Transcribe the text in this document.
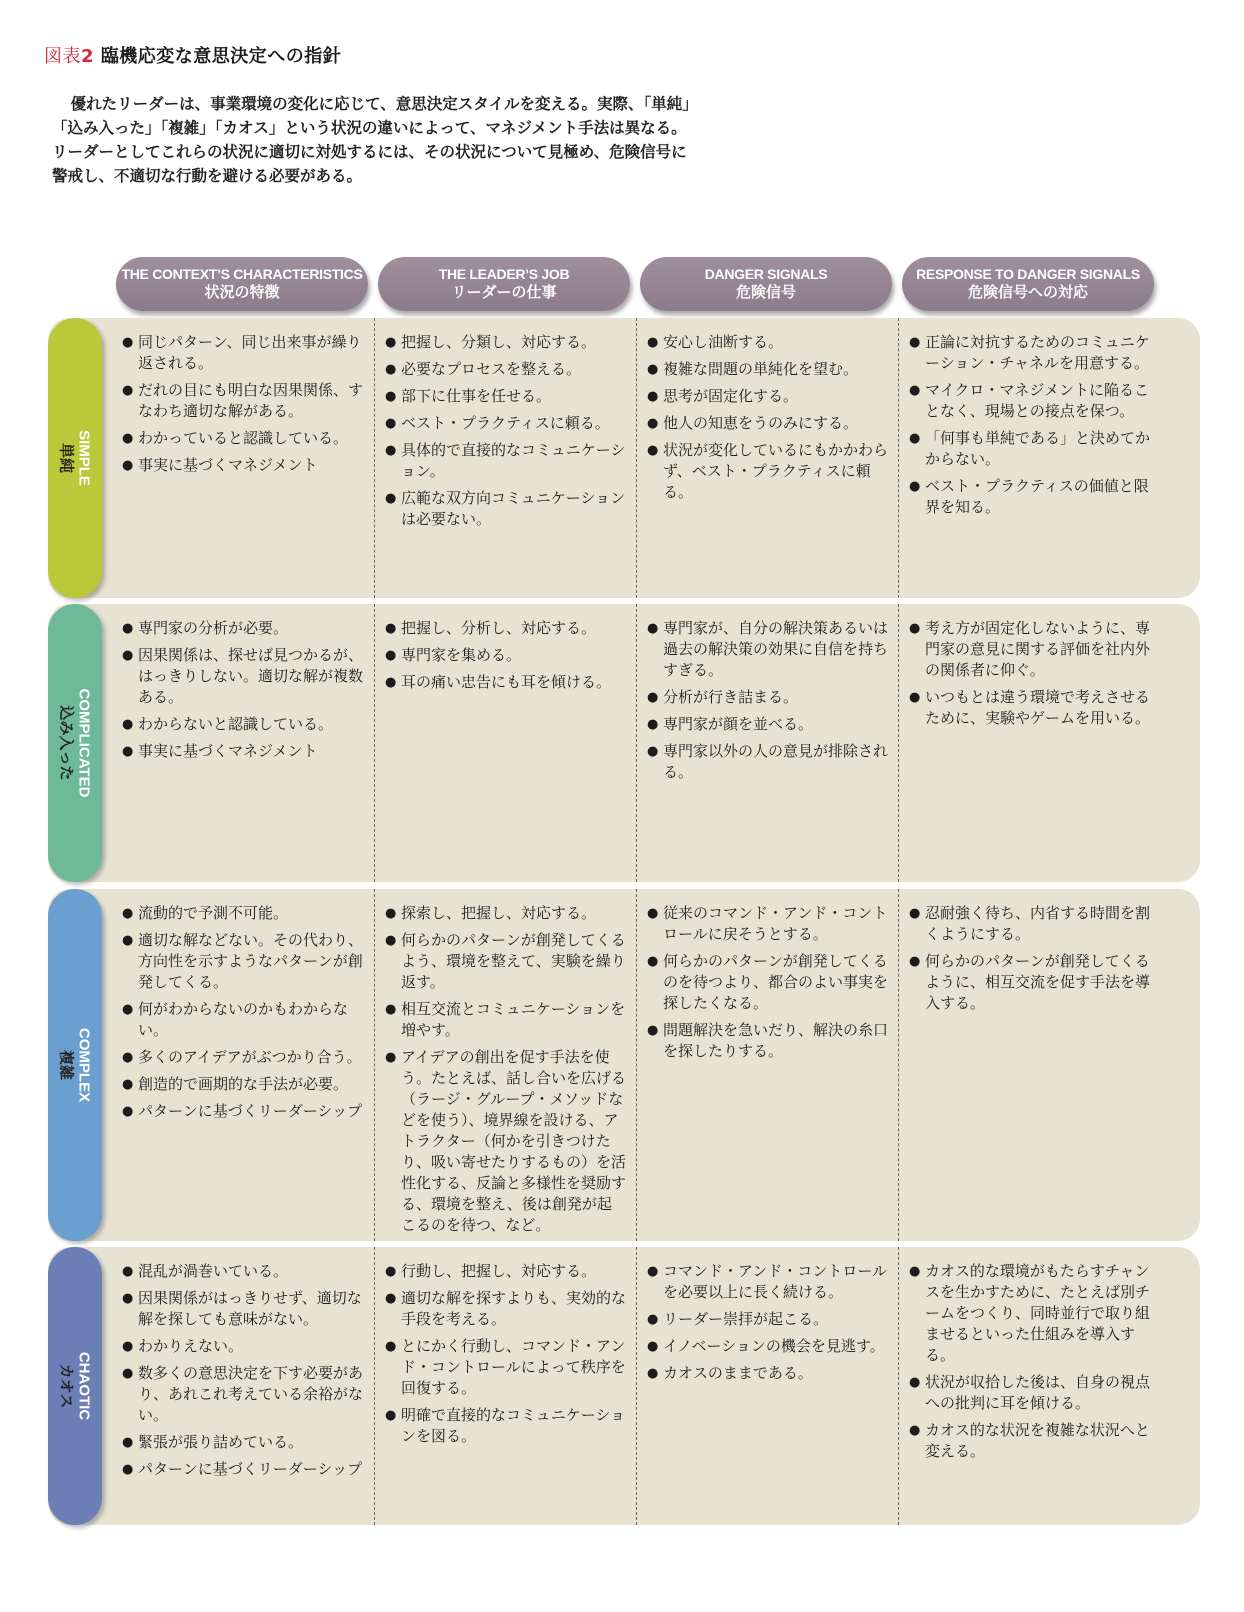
図表2 臨機応変な意思決定への指針

優れたリーダーは、事業環境の変化に応じて、意思決定スタイルを変える。実際、「単純」「込み入った」「複雑」「カオス」という状況の違いによって、マネジメント手法は異なる。リーダーとしてこれらの状況に適切に対処するには、その状況について見極め、危険信号に警戒し、不適切な行動を避ける必要がある。

THE CONTEXT’S CHARACTERISTICS
状況の特徴
THE LEADER’S JOB
リーダーの仕事
DANGER SIGNALS
危険信号
RESPONSE TO DANGER SIGNALS
危険信号への対応
SIMPLE
単純
● 同じパターン、同じ出来事が繰り返される。
● だれの目にも明白な因果関係、すなわち適切な解がある。
● わかっていると認識している。
● 事実に基づくマネジメント
● 把握し、分類し、対応する。
● 必要なプロセスを整える。
● 部下に仕事を任せる。
● ベスト・プラクティスに頼る。
● 具体的で直接的なコミュニケーション。
● 広範な双方向コミュニケーションは必要ない。
● 安心し油断する。
● 複雑な問題の単純化を望む。
● 思考が固定化する。
● 他人の知恵をうのみにする。
● 状況が変化しているにもかかわらず、ベスト・プラクティスに頼る。
● 正論に対抗するためのコミュニケーション・チャネルを用意する。
● マイクロ・マネジメントに陥ることなく、現場との接点を保つ。
● 「何事も単純である」と決めてかからない。
● ベスト・プラクティスの価値と限界を知る。
COMPLICATED
込み入った
● 専門家の分析が必要。
● 因果関係は、探せば見つかるが、はっきりしない。適切な解が複数ある。
● わからないと認識している。
● 事実に基づくマネジメント
● 把握し、分析し、対応する。
● 専門家を集める。
● 耳の痛い忠告にも耳を傾ける。
● 専門家が、自分の解決策あるいは過去の解決策の効果に自信を持ちすぎる。
● 分析が行き詰まる。
● 専門家が顔を並べる。
● 専門家以外の人の意見が排除される。
● 考え方が固定化しないように、専門家の意見に関する評価を社内外の関係者に仰ぐ。
● いつもとは違う環境で考えさせるために、実験やゲームを用いる。
COMPLEX
複雑
● 流動的で予測不可能。
● 適切な解などない。その代わり、方向性を示すようなパターンが創発してくる。
● 何がわからないのかもわからない。
● 多くのアイデアがぶつかり合う。
● 創造的で画期的な手法が必要。
● パターンに基づくリーダーシップ
● 探索し、把握し、対応する。
● 何らかのパターンが創発してくるよう、環境を整えて、実験を繰り返す。
● 相互交流とコミュニケーションを増やす。
● アイデアの創出を促す手法を使う。たとえば、話し合いを広げる（ラージ・グループ・メソッドなどを使う）、境界線を設ける、アトラクター（何かを引きつけたり、吸い寄せたりするもの）を活性化する、反論と多様性を奨励する、環境を整え、後は創発が起こるのを待つ、など。
● 従来のコマンド・アンド・コントロールに戻そうとする。
● 何らかのパターンが創発してくるのを待つより、都合のよい事実を探したくなる。
● 問題解決を急いだり、解決の糸口を探したりする。
● 忍耐強く待ち、内省する時間を割くようにする。
● 何らかのパターンが創発してくるように、相互交流を促す手法を導入する。
CHAOTIC
カオス
● 混乱が渦巻いている。
● 因果関係がはっきりせず、適切な解を探しても意味がない。
● わかりえない。
● 数多くの意思決定を下す必要があり、あれこれ考えている余裕がない。
● 緊張が張り詰めている。
● パターンに基づくリーダーシップ
● 行動し、把握し、対応する。
● 適切な解を探すよりも、実効的な手段を考える。
● とにかく行動し、コマンド・アンド・コントロールによって秩序を回復する。
● 明確で直接的なコミュニケーションを図る。
● コマンド・アンド・コントロールを必要以上に長く続ける。
● リーダー崇拝が起こる。
● イノベーションの機会を見逃す。
● カオスのままである。
● カオス的な環境がもたらすチャンスを生かすために、たとえば別チームをつくり、同時並行で取り組ませるといった仕組みを導入する。
● 状況が収拾した後は、自身の視点への批判に耳を傾ける。
● カオス的な状況を複雑な状況へと変える。
